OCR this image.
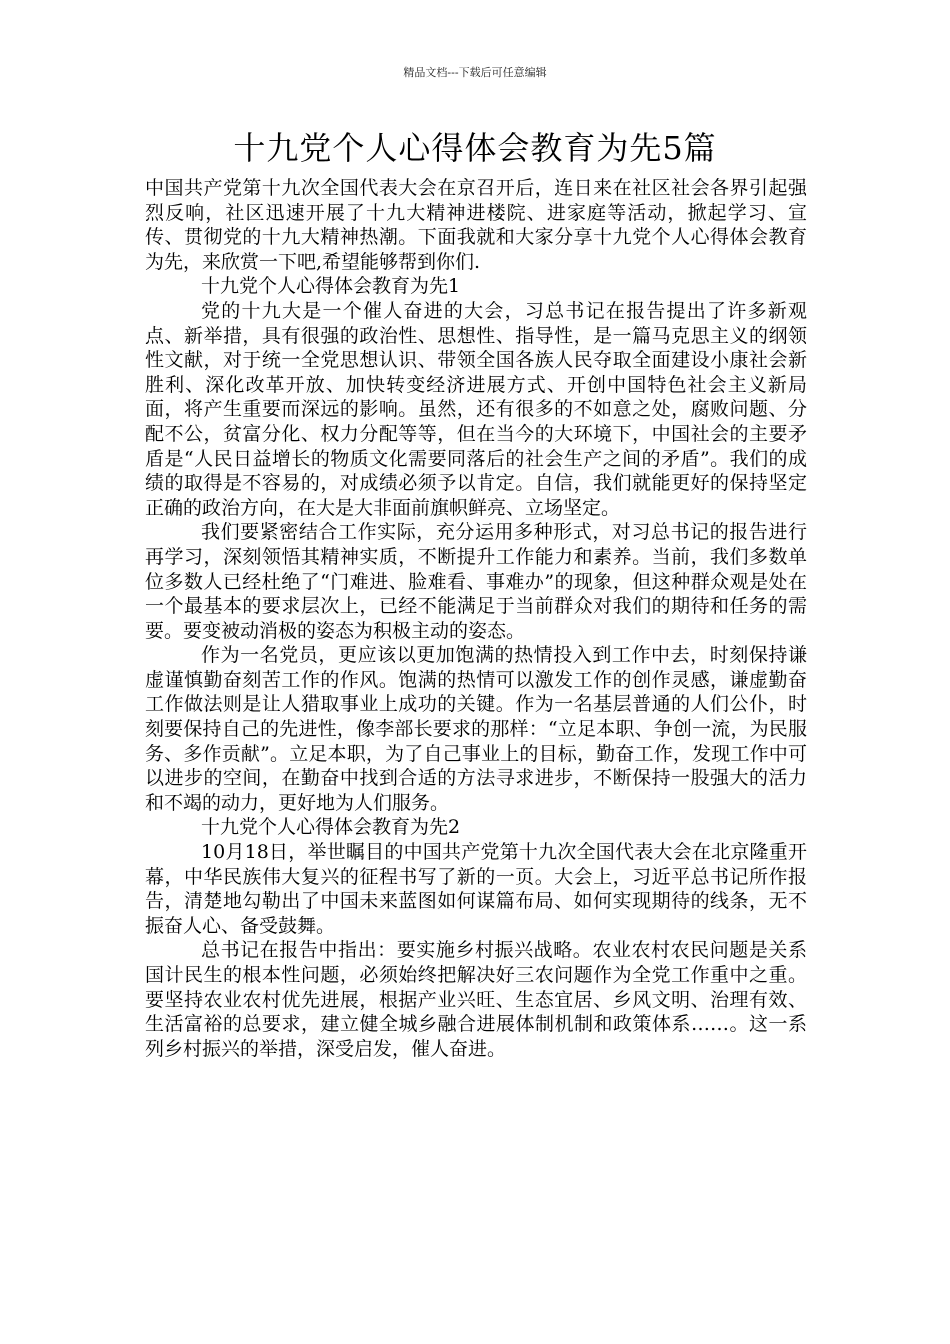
精品文档---下载后可任意编辑
十九党个人心得体会教育为先5篇

中国共产党第十九次全国代表大会在京召开后，连日来在社区社会各界引起强烈反响，社区迅速开展了十九大精神进楼院、进家庭等活动，掀起学习、宣传、贯彻党的十九大精神热潮。下面我就和大家分享十九党个人心得体会教育为先，来欣赏一下吧,希望能够帮到你们.

十九党个人心得体会教育为先1

党的十九大是一个催人奋进的大会，习总书记在报告提出了许多新观点、新举措，具有很强的政治性、思想性、指导性，是一篇马克思主义的纲领性文献，对于统一全党思想认识、带领全国各族人民夺取全面建设小康社会新胜利、深化改革开放、加快转变经济进展方式、开创中国特色社会主义新局面，将产生重要而深远的影响。虽然，还有很多的不如意之处，腐败问题、分配不公，贫富分化、权力分配等等，但在当今的大环境下，中国社会的主要矛盾是“人民日益增长的物质文化需要同落后的社会生产之间的矛盾”。我们的成绩的取得是不容易的，对成绩必须予以肯定。自信，我们就能更好的保持坚定正确的政治方向，在大是大非面前旗帜鲜亮、立场坚定。

我们要紧密结合工作实际，充分运用多种形式，对习总书记的报告进行再学习，深刻领悟其精神实质，不断提升工作能力和素养。当前，我们多数单位多数人已经杜绝了“门难进、脸难看、事难办”的现象，但这种群众观是处在一个最基本的要求层次上，已经不能满足于当前群众对我们的期待和任务的需要。要变被动消极的姿态为积极主动的姿态。

作为一名党员，更应该以更加饱满的热情投入到工作中去，时刻保持谦虚谨慎勤奋刻苦工作的作风。饱满的热情可以激发工作的创作灵感，谦虚勤奋工作做法则是让人猎取事业上成功的关键。作为一名基层普通的人们公仆，时刻要保持自己的先进性，像李部长要求的那样：“立足本职、争创一流，为民服务、多作贡献”。立足本职，为了自己事业上的目标，勤奋工作，发现工作中可以进步的空间，在勤奋中找到合适的方法寻求进步，不断保持一股强大的活力和不竭的动力，更好地为人们服务。

十九党个人心得体会教育为先2

10月18日，举世瞩目的中国共产党第十九次全国代表大会在北京隆重开幕，中华民族伟大复兴的征程书写了新的一页。大会上，习近平总书记所作报告，清楚地勾勒出了中国未来蓝图如何谋篇布局、如何实现期待的线条，无不振奋人心、备受鼓舞。

总书记在报告中指出：要实施乡村振兴战略。农业农村农民问题是关系国计民生的根本性问题，必须始终把解决好三农问题作为全党工作重中之重。要坚持农业农村优先进展，根据产业兴旺、生态宜居、乡风文明、治理有效、生活富裕的总要求，建立健全城乡融合进展体制机制和政策体系……。这一系列乡村振兴的举措，深受启发，催人奋进。
